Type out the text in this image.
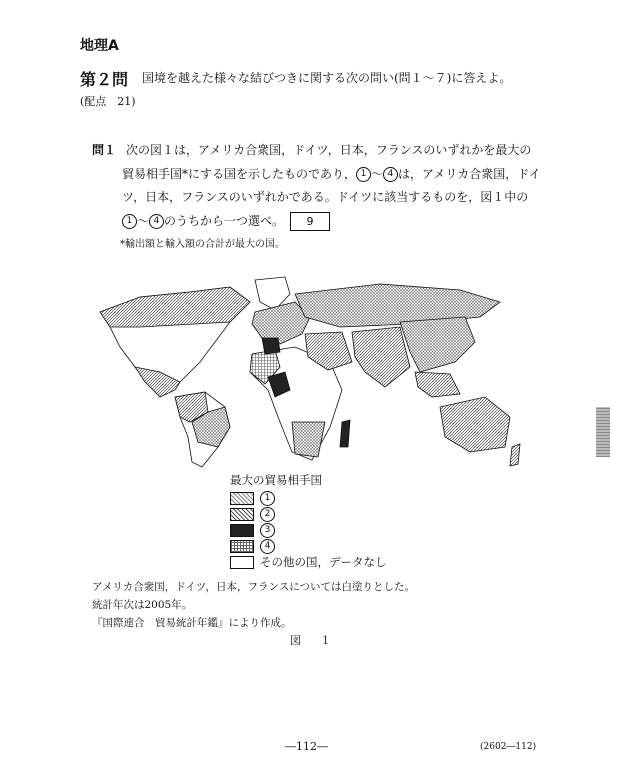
地理A
第２問 国境を越えた様々な結びつきに関する次の問い(問１～７)に答えよ。
(配点　21)
問１ 次の図１は，アメリカ合衆国，ドイツ，日本，フランスのいずれかを最大の
貿易相手国*にする国を示したものであり， 1 ～ 4 は，アメリカ合衆国，ドイ
ツ，日本，フランスのいずれかである。ドイツに該当するものを，図１中の
1 ～ 4 のうちから一つ選べ。 9
*輸出額と輸入額の合計が最大の国。
最大の貿易相手国
1
2
3
4
その他の国，データなし
アメリカ合衆国，ドイツ，日本，フランスについては白塗りとした。
統計年次は2005年。
『国際連合　貿易統計年鑑』により作成。
図　１
―112―	(2602―112)
